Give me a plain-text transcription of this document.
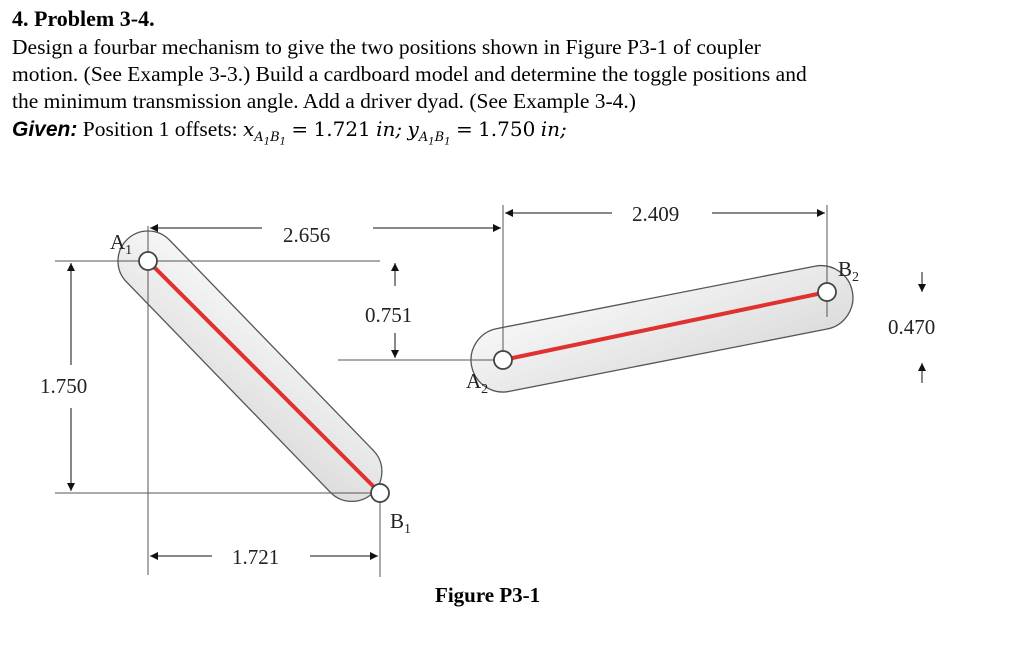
4. Problem 3-4.
Design a fourbar mechanism to give the two positions shown in Figure P3-1 of coupler
motion. (See Example 3-3.) Build a cardboard model and determine the toggle positions and
the minimum transmission angle. Add a driver dyad. (See Example 3-4.)
Given: Position 1 offsets: $x_{A_1B_1} = 1.721$ in; $y_{A_1B_1} = 1.750$ in;
2.656
0.751
1.750
1.721
2.409
0.470
$A_1$
$B_1$
$A_2$
$B_2$
Figure P3-1
